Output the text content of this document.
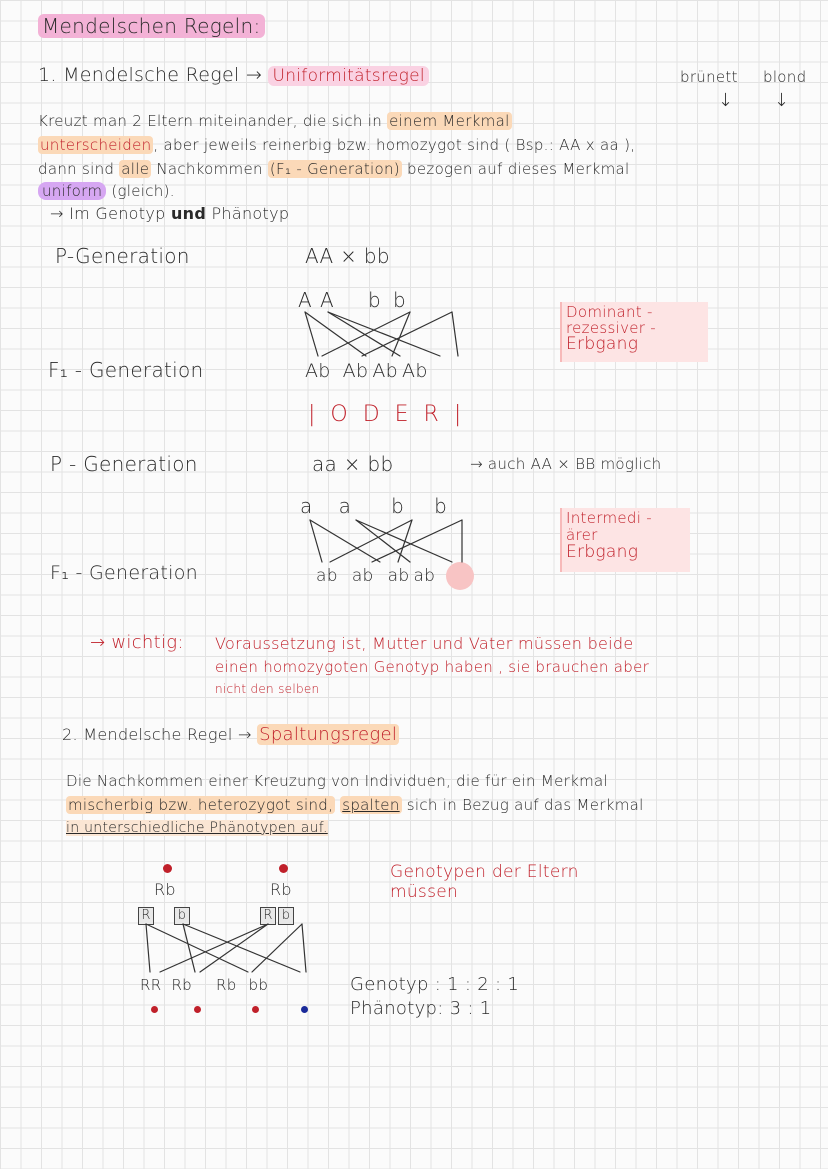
Mendelschen Regeln:
1. Mendelsche Regel → Uniformitätsregel	brünett blond
↓ ↓
Kreuzt man 2 Eltern miteinander, die sich in einem Merkmal
unterscheiden , aber jeweils reinerbig bzw. homozygot sind ( Bsp.: AA x aa ),
dann sind alle Nachkommen (F₁ - Generation) bezogen auf dieses Merkmal
uniform (gleich).
→ Im Genotyp und Phänotyp
P-Generation	AA × bb
A A b b
F₁ - Generation	Ab Ab Ab Ab
Dominant -
rezessiver -
Erbgang
| O D E R |
P - Generation	aa × bb	→ auch AA × BB möglich
a a b b
F₁ - Generation	ab ab ab ab
Intermedi -
ärer
Erbgang
→ wichtig: Voraussetzung ist, Mutter und Vater müssen beide
einen homozygoten Genotyp haben , sie brauchen aber
nicht den selben
2. Mendelsche Regel → Spaltungsregel
Die Nachkommen einer Kreuzung von Individuen, die für ein Merkmal
mischerbig bzw. heterozygot sind, spalten sich in Bezug auf das Merkmal
in unterschiedliche Phänotypen auf.
Rb	Rb
R b	R b
Genotypen der Eltern
müssen
RR Rb Rb bb	Genotyp : 1 : 2 : 1
Phänotyp: 3 : 1
